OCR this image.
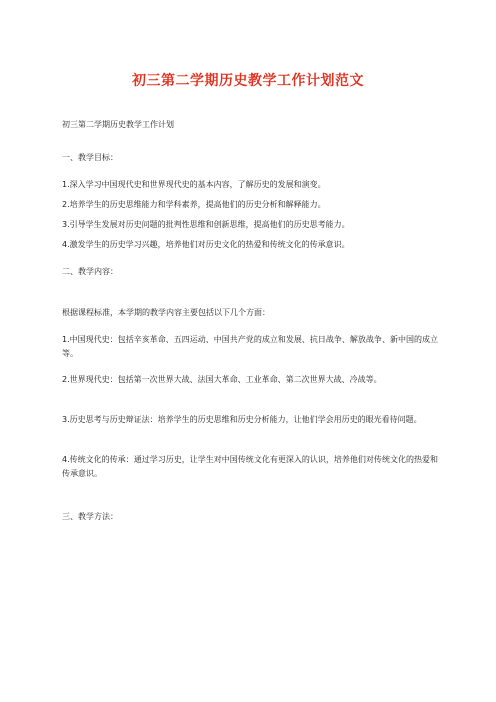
初三第二学期历史教学工作计划范文
初三第二学期历史教学工作计划
一、教学目标：
1.深入学习中国现代史和世界现代史的基本内容，了解历史的发展和演变。
2.培养学生的历史思维能力和学科素养，提高他们的历史分析和解释能力。
3.引导学生发展对历史问题的批判性思维和创新思维，提高他们的历史思考能力。
4.激发学生的历史学习兴趣，培养他们对历史文化的热爱和传统文化的传承意识。
二、教学内容：
根据课程标准，本学期的教学内容主要包括以下几个方面：
1.中国现代史：包括辛亥革命、五四运动、中国共产党的成立和发展、抗日战争、解放战争、新中国的成立等。
2.世界现代史：包括第一次世界大战、法国大革命、工业革命、第二次世界大战、冷战等。
3.历史思考与历史辩证法：培养学生的历史思维和历史分析能力，让他们学会用历史的眼光看待问题。
4.传统文化的传承：通过学习历史，让学生对中国传统文化有更深入的认识，培养他们对传统文化的热爱和传承意识。
三、教学方法：
